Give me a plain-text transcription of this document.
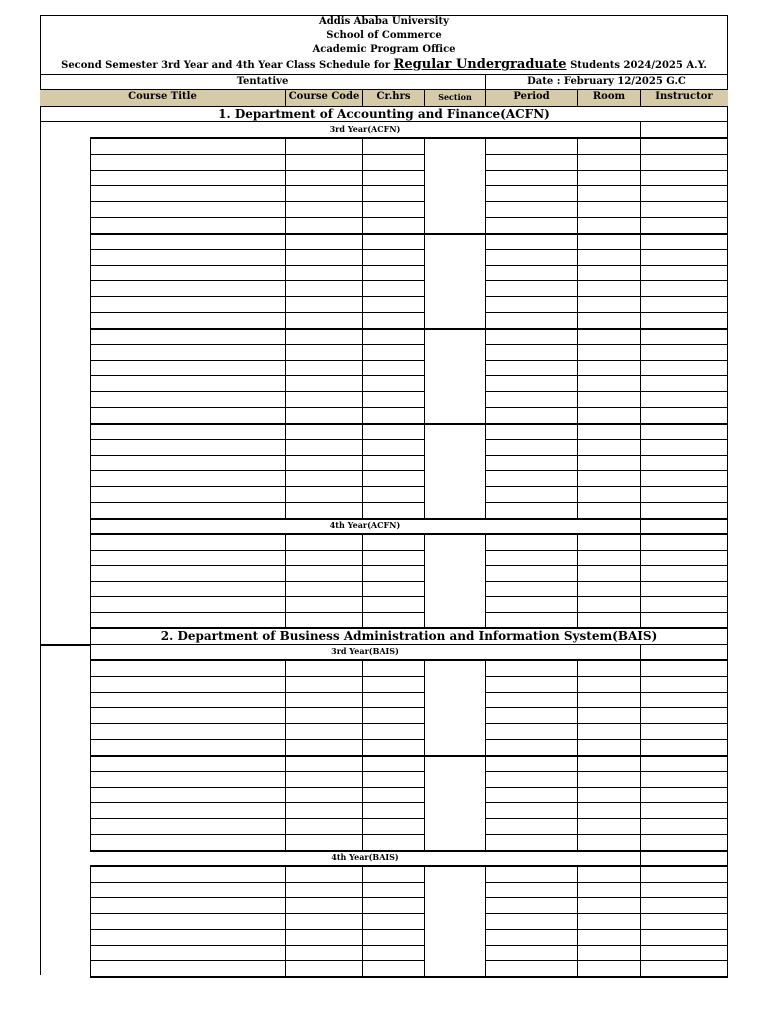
Addis Ababa University
School of Commerce
Academic Program Office
Second Semester 3rd Year and 4th Year Class Schedule for Regular Undergraduate Students 2024/2025 A.Y.
Tentative	Date : February 12/2025 G.C
Course Title	Course Code	Cr.hrs	Section	Period	Room	Instructor
1. Department of Accounting and Finance(ACFN)
3rd Year(ACFN)
4th Year(ACFN)
2. Department of Business Administration and Information System(BAIS)
3rd Year(BAIS)
4th Year(BAIS)
